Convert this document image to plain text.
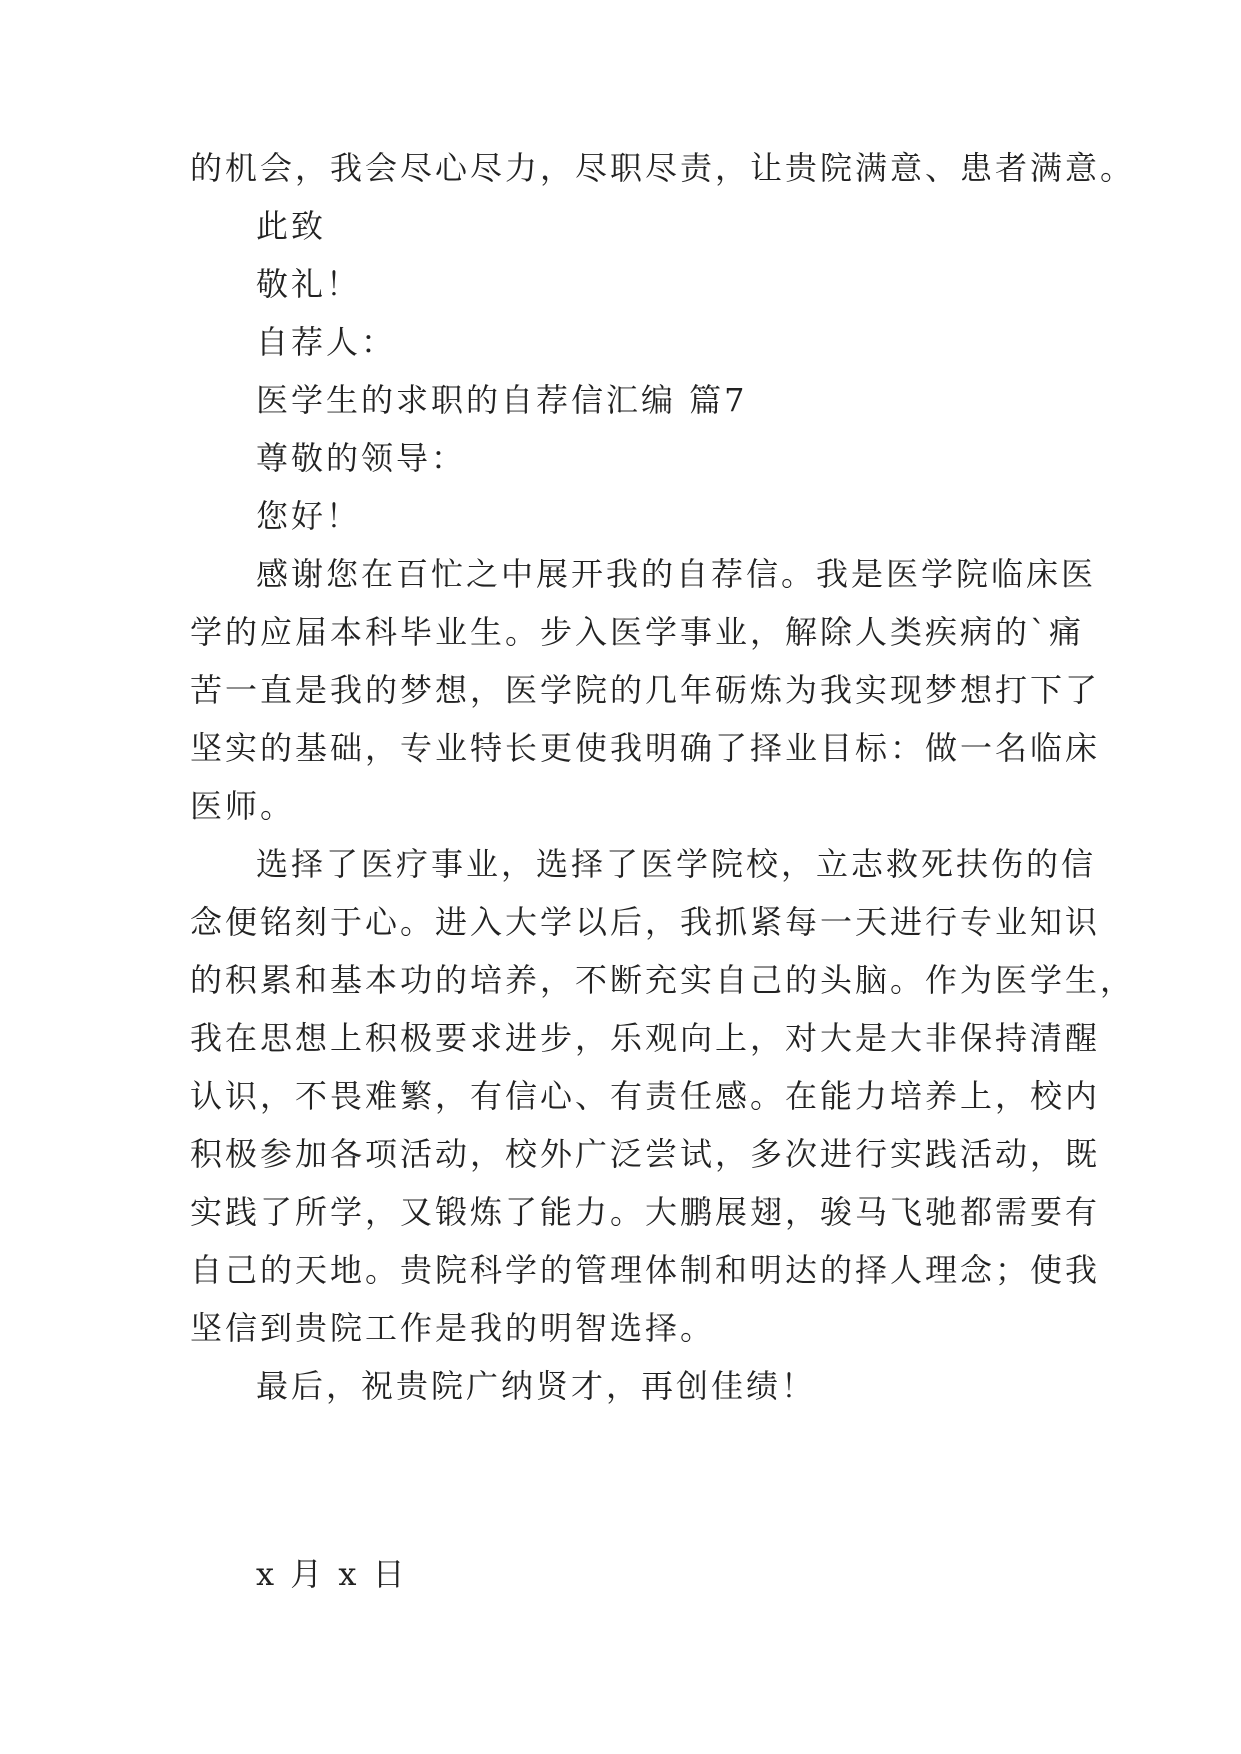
的机会，我会尽心尽力，尽职尽责，让贵院满意、患者满意。
此致
敬礼！
自荐人：
医学生的求职的自荐信汇编 篇7
尊敬的领导：
您好！
感谢您在百忙之中展开我的自荐信。我是医学院临床医
学的应届本科毕业生。步入医学事业，解除人类疾病的`痛
苦一直是我的梦想，医学院的几年砺炼为我实现梦想打下了
坚实的基础，专业特长更使我明确了择业目标：做一名临床
医师。
选择了医疗事业，选择了医学院校，立志救死扶伤的信
念便铭刻于心。进入大学以后，我抓紧每一天进行专业知识
的积累和基本功的培养，不断充实自己的头脑。作为医学生，
我在思想上积极要求进步，乐观向上，对大是大非保持清醒
认识，不畏难繁，有信心、有责任感。在能力培养上，校内
积极参加各项活动，校外广泛尝试，多次进行实践活动，既
实践了所学，又锻炼了能力。大鹏展翅，骏马飞驰都需要有
自己的天地。贵院科学的管理体制和明达的择人理念；使我
坚信到贵院工作是我的明智选择。
最后，祝贵院广纳贤才，再创佳绩！
x 月 x 日
